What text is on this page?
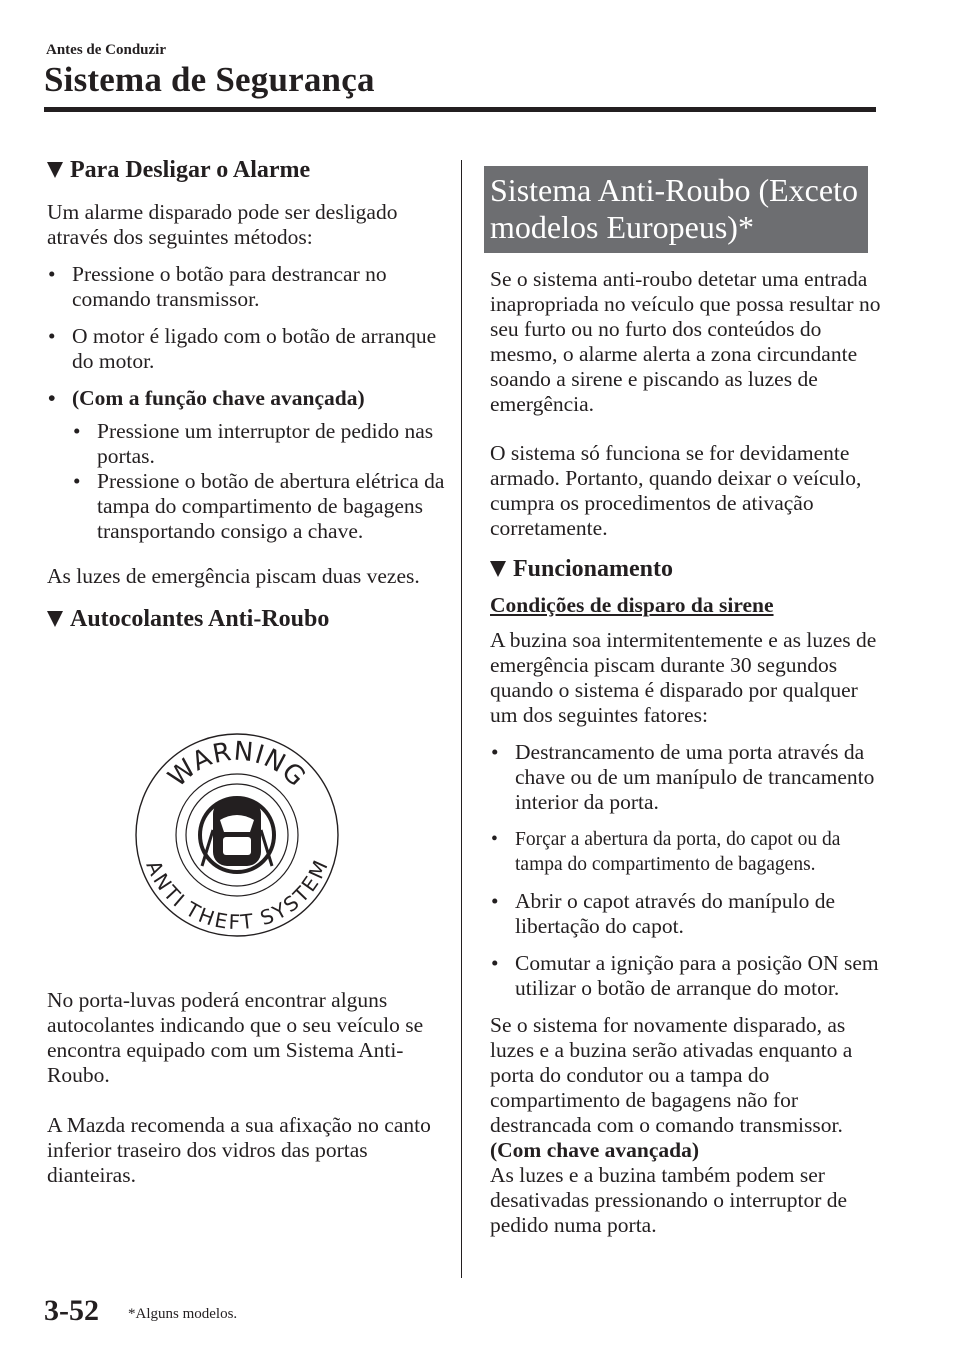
Antes de Conduzir
Sistema de Segurança
Para Desligar o Alarme

Um alarme disparado pode ser desligado através dos seguintes métodos:

• Pressione o botão para destrancar no comando transmissor.
• O motor é ligado com o botão de arranque do motor.
• (Com a função chave avançada)
• Pressione um interruptor de pedido nas portas.
• Pressione o botão de abertura elétrica da tampa do compartimento de bagagens transportando consigo a chave.

As luzes de emergência piscam duas vezes.

Autocolantes Anti-Roubo
WARNING
ANTI THEFT SYSTEM

No porta-luvas poderá encontrar alguns autocolantes indicando que o seu veículo se encontra equipado com um Sistema Anti-Roubo.

A Mazda recomenda a sua afixação no canto inferior traseiro dos vidros das portas dianteiras.

Sistema Anti-Roubo (Exceto modelos Europeus)*

Se o sistema anti-roubo detetar uma entrada inapropriada no veículo que possa resultar no seu furto ou no furto dos conteúdos do mesmo, o alarme alerta a zona circundante soando a sirene e piscando as luzes de emergência.

O sistema só funciona se for devidamente armado. Portanto, quando deixar o veículo, cumpra os procedimentos de ativação corretamente.

Funcionamento

Condições de disparo da sirene

A buzina soa intermitentemente e as luzes de emergência piscam durante 30 segundos quando o sistema é disparado por qualquer um dos seguintes fatores:

• Destrancamento de uma porta através da chave ou de um manípulo de trancamento interior da porta.
• Forçar a abertura da porta, do capot ou da tampa do compartimento de bagagens.
• Abrir o capot através do manípulo de libertação do capot.
• Comutar a ignição para a posição ON sem utilizar o botão de arranque do motor.

Se o sistema for novamente disparado, as luzes e a buzina serão ativadas enquanto a porta do condutor ou a tampa do compartimento de bagagens não for destrancada com o comando transmissor.

(Com chave avançada)

As luzes e a buzina também podem ser desativadas pressionando o interruptor de pedido numa porta.

3-52 *Alguns modelos.
